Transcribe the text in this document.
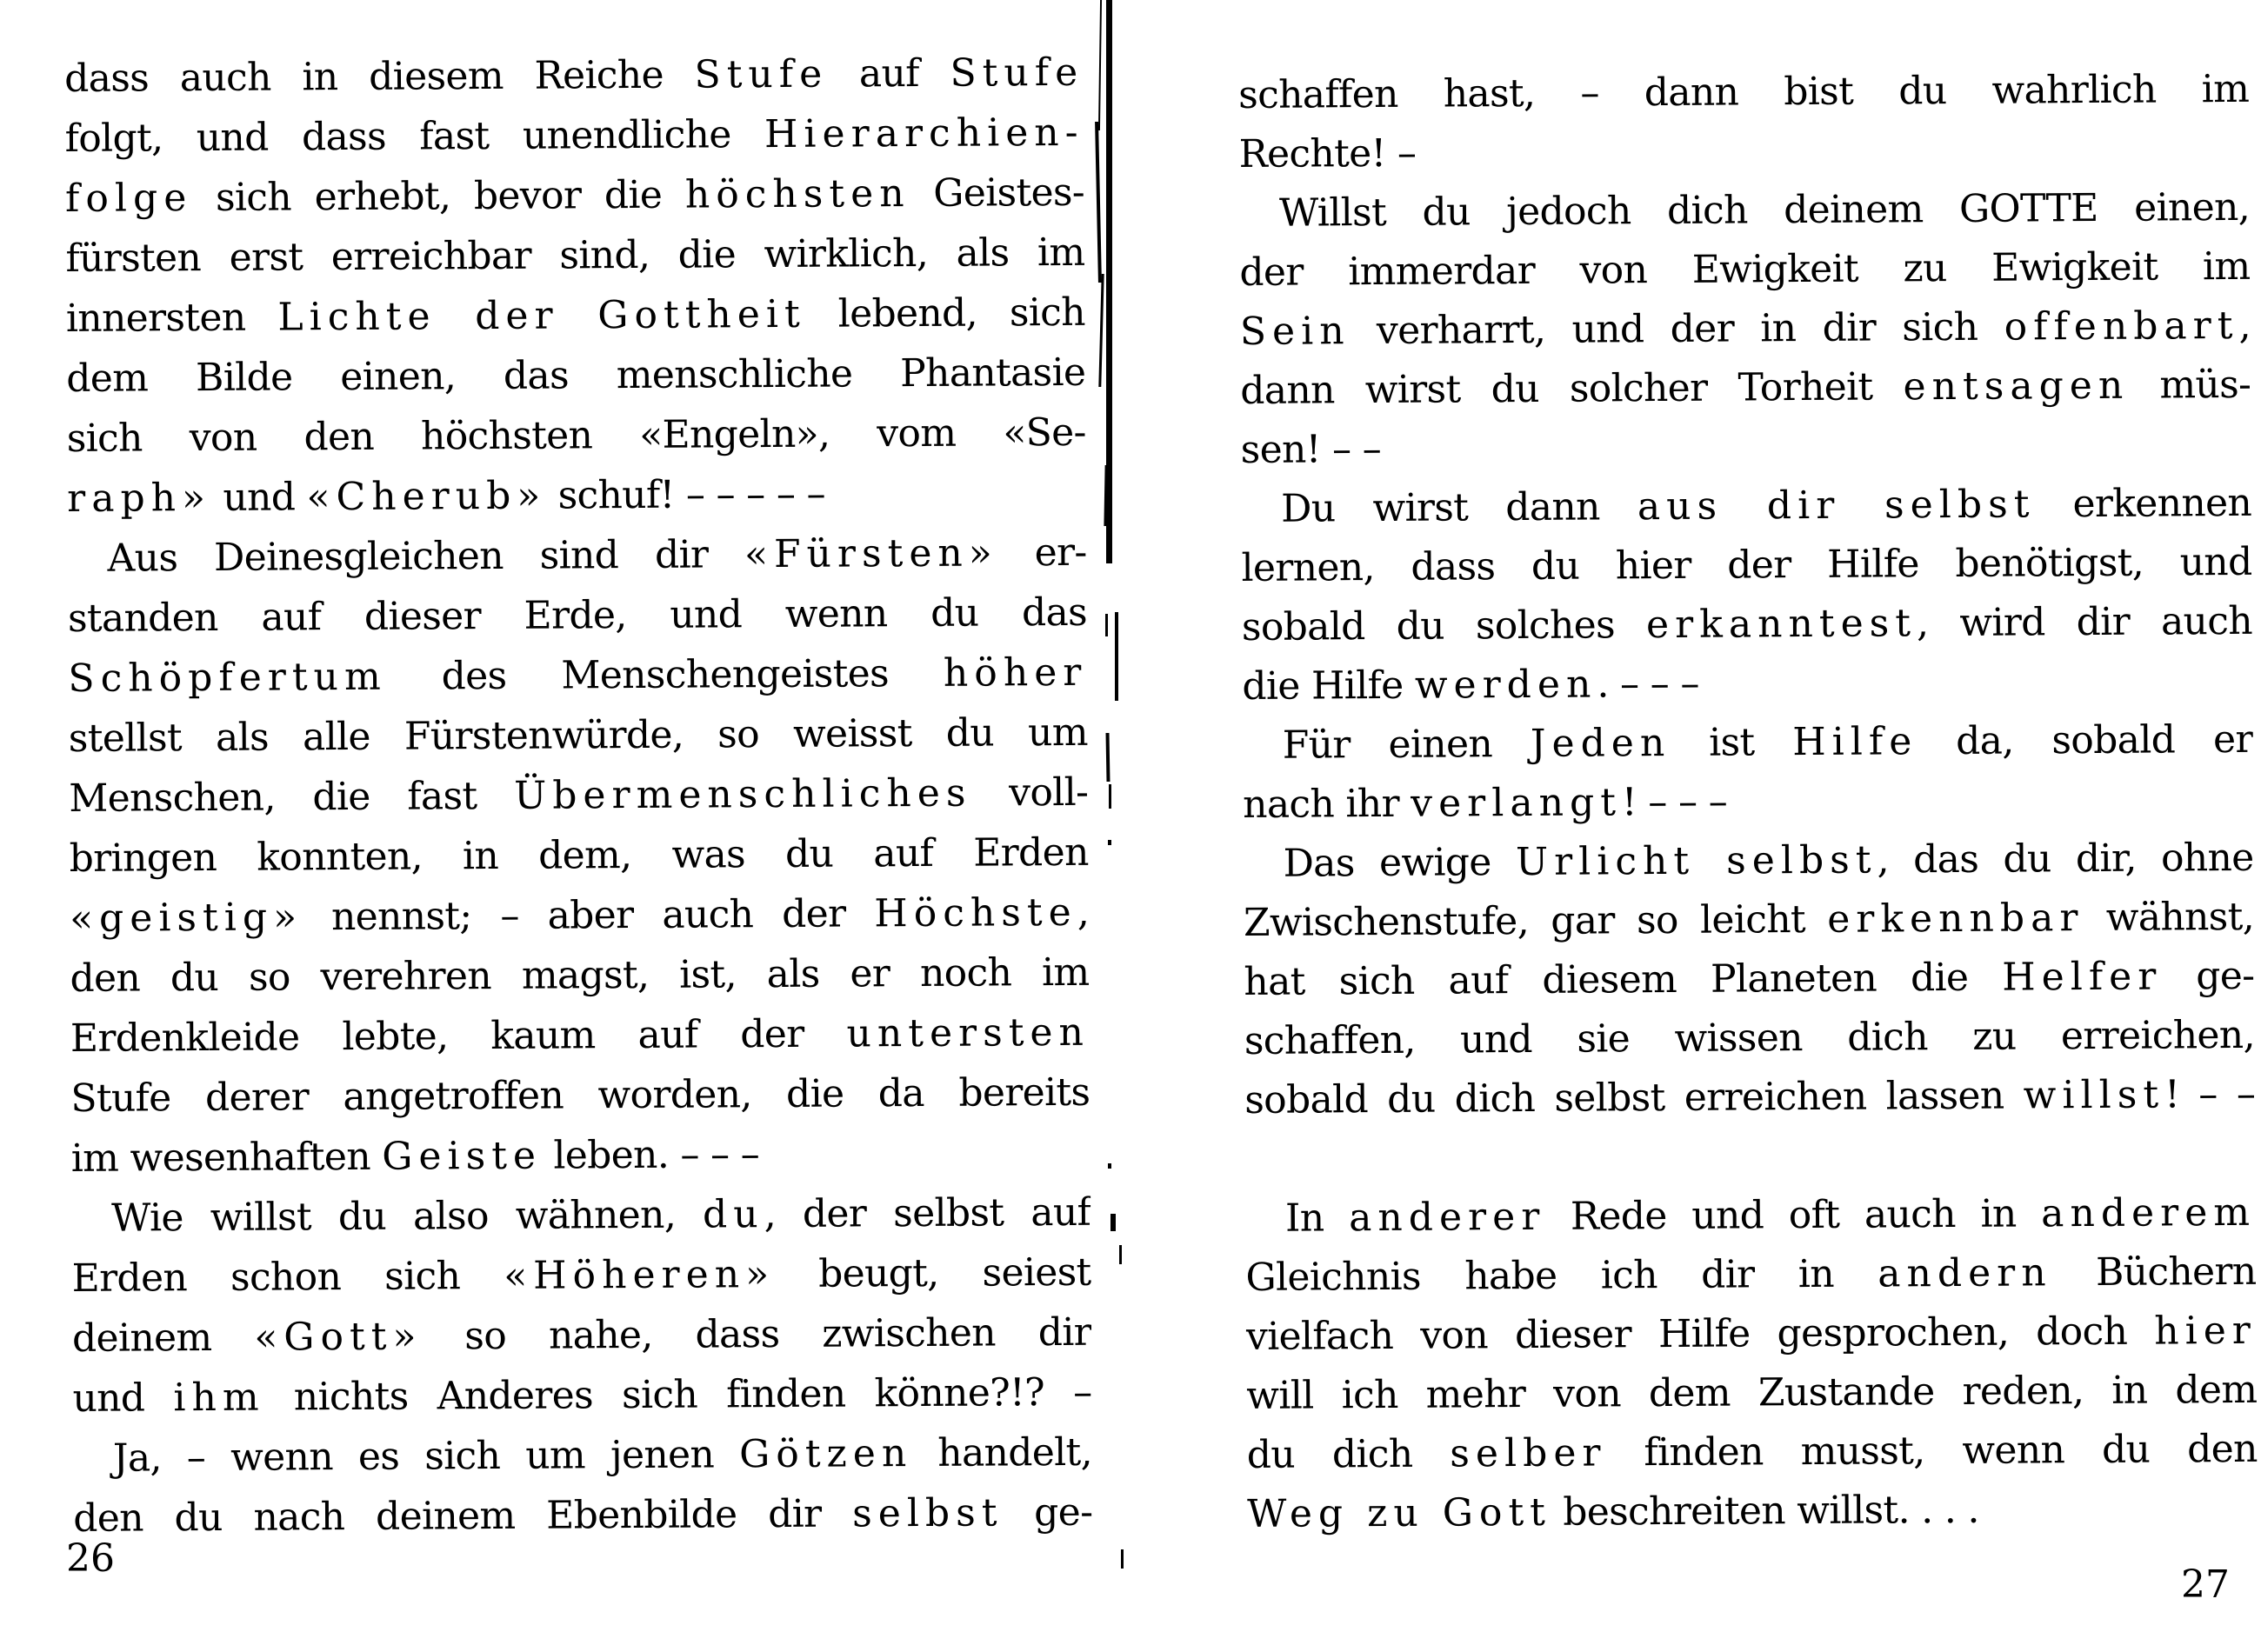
dass auch in diesem Reiche Stufe auf Stufe
folgt, und dass fast unendliche Hierarchien-
folge sich erhebt, bevor die höchsten Geistes-
fürsten erst erreichbar sind, die wirklich, als im
innersten Lichte der Gottheit lebend, sich
dem Bilde einen, das menschliche Phantasie
sich von den höchsten «Engeln», vom «Se-
raph» und «Cherub» schuf! – – – – –
Aus Deinesgleichen sind dir «Fürsten» er-
standen auf dieser Erde, und wenn du das
Schöpfertum des Menschengeistes höher
stellst als alle Fürstenwürde, so weisst du um
Menschen, die fast Übermenschliches voll-
bringen konnten, in dem, was du auf Erden
«geistig» nennst; – aber auch der Höchste,
den du so verehren magst, ist, als er noch im
Erdenkleide lebte, kaum auf der untersten
Stufe derer angetroffen worden, die da bereits
im wesenhaften Geiste leben. – – –
Wie willst du also wähnen, du, der selbst auf
Erden schon sich «Höheren» beugt, seiest
deinem «Gott» so nahe, dass zwischen dir
und ihm nichts Anderes sich finden könne?!? –
Ja, – wenn es sich um jenen Götzen handelt,
den du nach deinem Ebenbilde dir selbst ge-
schaffen hast, – dann bist du wahrlich im
Rechte! –
Willst du jedoch dich deinem GOTTE einen,
der immerdar von Ewigkeit zu Ewigkeit im
Sein verharrt, und der in dir sich offenbart,
dann wirst du solcher Torheit entsagen müs-
sen! – –
Du wirst dann aus dir selbst erkennen
lernen, dass du hier der Hilfe benötigst, und
sobald du solches erkanntest, wird dir auch
die Hilfe werden. – – –
Für einen Jeden ist Hilfe da, sobald er
nach ihr verlangt! – – –
Das ewige Urlicht selbst, das du dir, ohne
Zwischenstufe, gar so leicht erkennbar wähnst,
hat sich auf diesem Planeten die Helfer ge-
schaffen, und sie wissen dich zu erreichen,
sobald du dich selbst erreichen lassen willst! – –
In anderer Rede und oft auch in anderem
Gleichnis habe ich dir in andern Büchern
vielfach von dieser Hilfe gesprochen, doch hier
will ich mehr von dem Zustande reden, in dem
du dich selber finden musst, wenn du den
Weg zu Gott beschreiten willst. . . .
26
27
